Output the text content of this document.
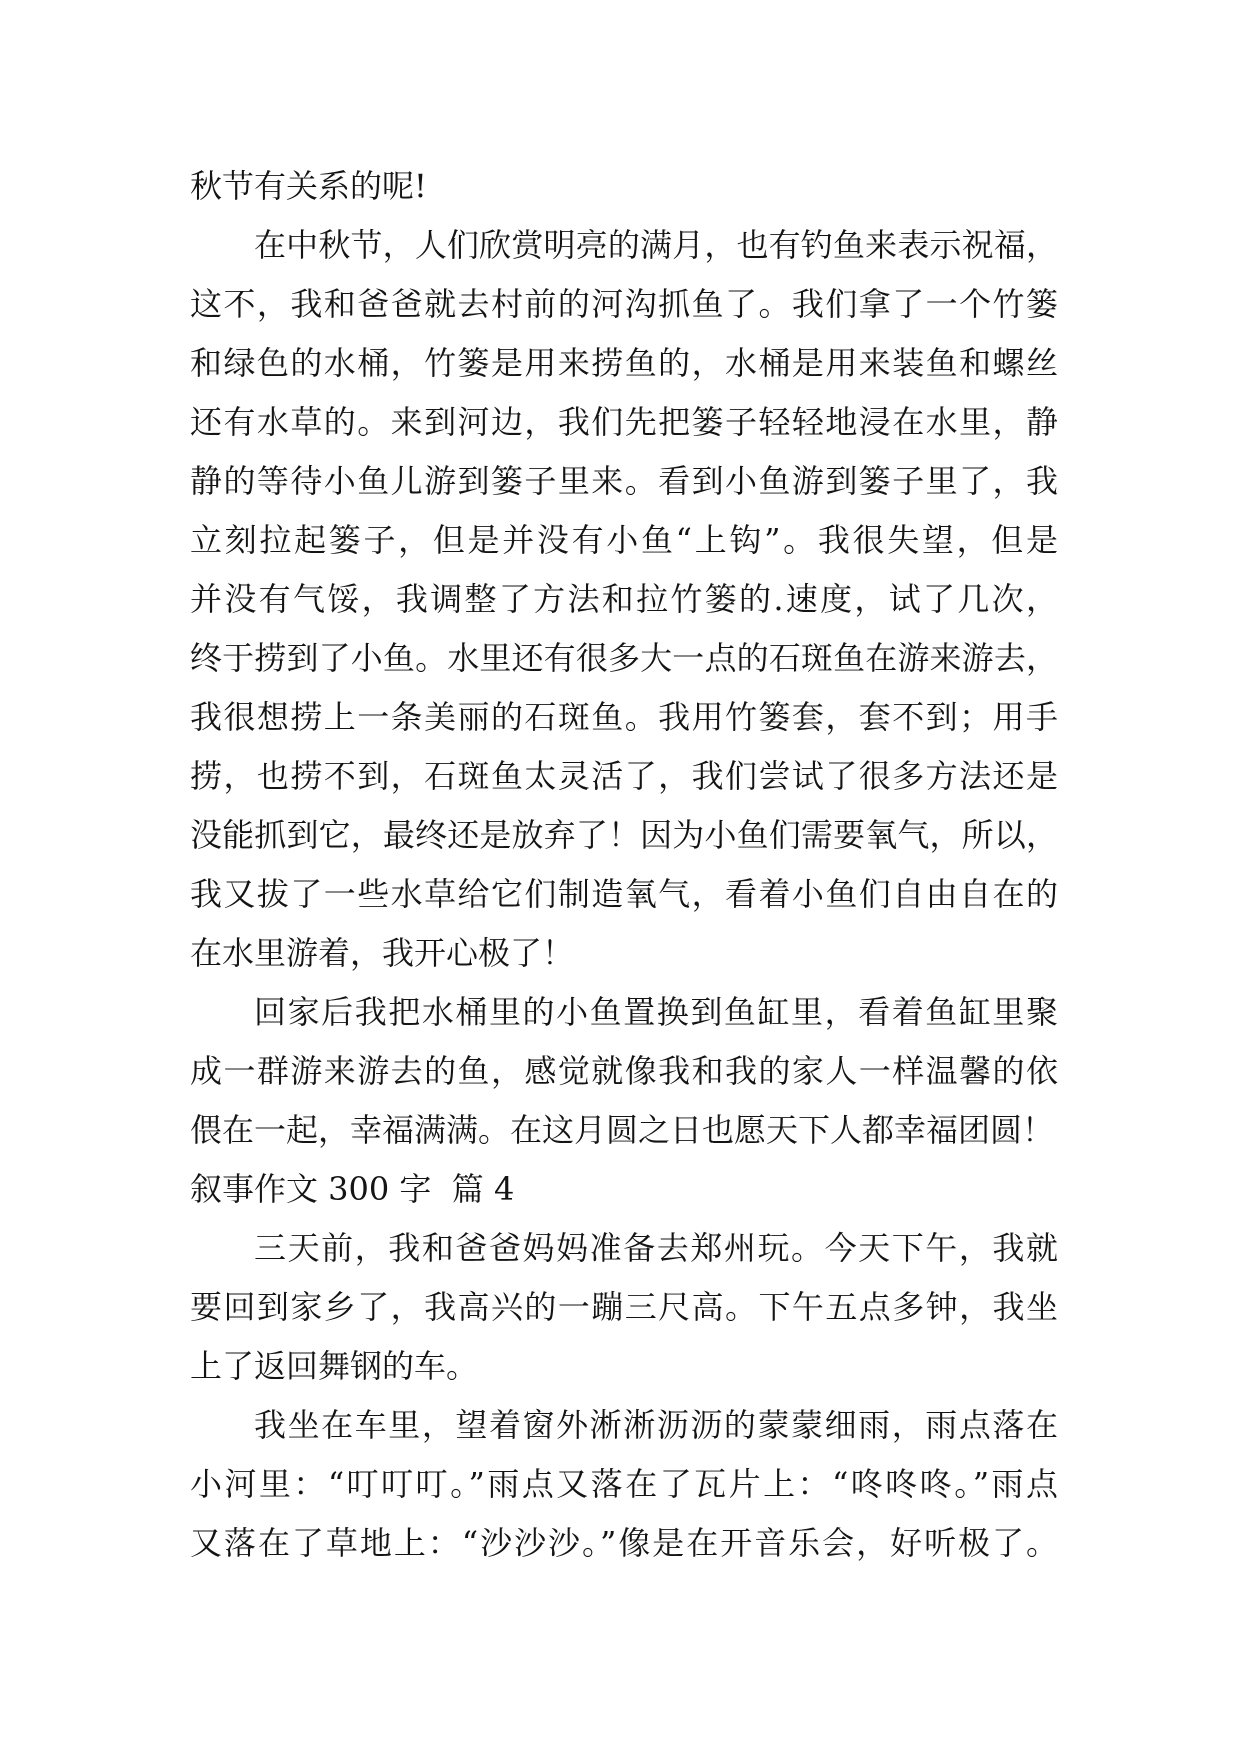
秋节有关系的呢!
在中秋节，人们欣赏明亮的满月，也有钓鱼来表示祝福，
这不，我和爸爸就去村前的河沟抓鱼了。我们拿了一个竹篓
和绿色的水桶，竹篓是用来捞鱼的，水桶是用来装鱼和螺丝
还有水草的。来到河边，我们先把篓子轻轻地浸在水里，静
静的等待小鱼儿游到篓子里来。看到小鱼游到篓子里了，我
立刻拉起篓子，但是并没有小鱼“上钩”。我很失望，但是
并没有气馁，我调整了方法和拉竹篓的.速度，试了几次，
终于捞到了小鱼。水里还有很多大一点的石斑鱼在游来游去，
我很想捞上一条美丽的石斑鱼。我用竹篓套，套不到；用手
捞，也捞不到，石斑鱼太灵活了，我们尝试了很多方法还是
没能抓到它，最终还是放弃了！因为小鱼们需要氧气，所以，
我又拔了一些水草给它们制造氧气，看着小鱼们自由自在的
在水里游着，我开心极了！
回家后我把水桶里的小鱼置换到鱼缸里，看着鱼缸里聚
成一群游来游去的鱼，感觉就像我和我的家人一样温馨的依
偎在一起，幸福满满。在这月圆之日也愿天下人都幸福团圆！
叙事作文 300 字  篇 4
三天前，我和爸爸妈妈准备去郑州玩。今天下午，我就
要回到家乡了，我高兴的一蹦三尺高。下午五点多钟，我坐
上了返回舞钢的车。
我坐在车里，望着窗外淅淅沥沥的蒙蒙细雨，雨点落在
小河里：“叮叮叮。”雨点又落在了瓦片上：“咚咚咚。”雨点
又落在了草地上：“沙沙沙。”像是在开音乐会，好听极了。
